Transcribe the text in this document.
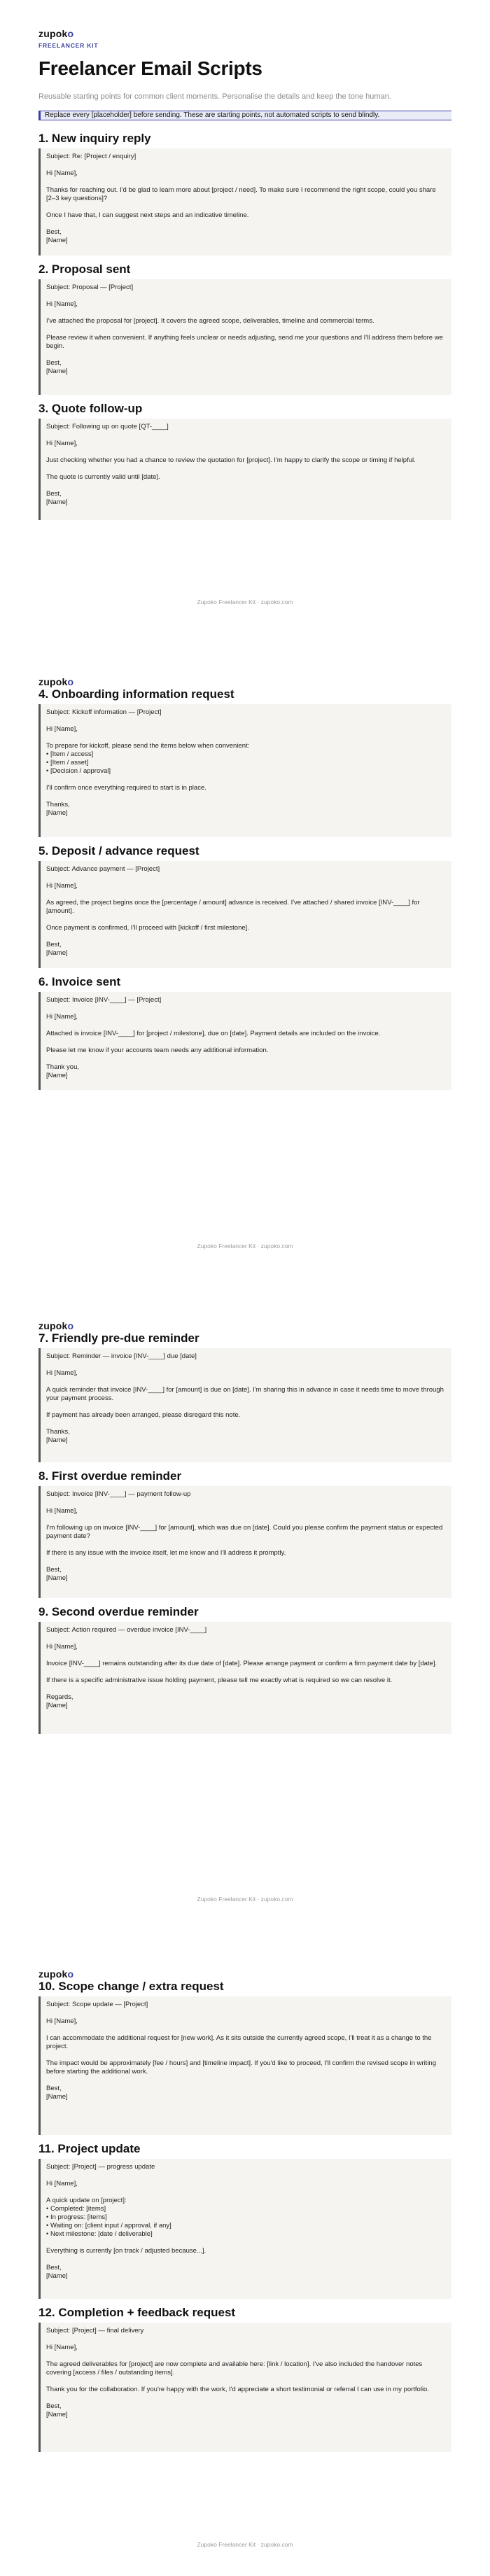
zupoko
FREELANCER KIT
Freelancer Email Scripts

Reusable starting points for common client moments. Personalise the details and keep the tone human.

Replace every [placeholder] before sending. These are starting points, not automated scripts to send blindly.
1. New inquiry reply

Subject: Re: [Project / enquiry]

Hi [Name],

Thanks for reaching out. I'd be glad to learn more about [project / need]. To make sure I recommend the right scope, could you share [2–3 key questions]?

Once I have that, I can suggest next steps and an indicative timeline.

Best,
[Name]

2. Proposal sent

Subject: Proposal — [Project]

Hi [Name],

I've attached the proposal for [project]. It covers the agreed scope, deliverables, timeline and commercial terms.

Please review it when convenient. If anything feels unclear or needs adjusting, send me your questions and I'll address them before we begin.

Best,
[Name]

3. Quote follow-up

Subject: Following up on quote [QT-____]

Hi [Name],

Just checking whether you had a chance to review the quotation for [project]. I'm happy to clarify the scope or timing if helpful.

The quote is currently valid until [date].

Best,
[Name]

Zupoko Freelancer Kit · zupoko.com
zupoko
4. Onboarding information request

Subject: Kickoff information — [Project]

Hi [Name],

To prepare for kickoff, please send the items below when convenient:
• [Item / access]
• [Item / asset]
• [Decision / approval]

I'll confirm once everything required to start is in place.

Thanks,
[Name]

5. Deposit / advance request

Subject: Advance payment — [Project]

Hi [Name],

As agreed, the project begins once the [percentage / amount] advance is received. I've attached / shared invoice [INV-____] for [amount].

Once payment is confirmed, I'll proceed with [kickoff / first milestone].

Best,
[Name]

6. Invoice sent

Subject: Invoice [INV-____] — [Project]

Hi [Name],

Attached is invoice [INV-____] for [project / milestone], due on [date]. Payment details are included on the invoice.

Please let me know if your accounts team needs any additional information.

Thank you,
[Name]

Zupoko Freelancer Kit · zupoko.com
zupoko
7. Friendly pre-due reminder

Subject: Reminder — invoice [INV-____] due [date]

Hi [Name],

A quick reminder that invoice [INV-____] for [amount] is due on [date]. I'm sharing this in advance in case it needs time to move through your payment process.

If payment has already been arranged, please disregard this note.

Thanks,
[Name]

8. First overdue reminder

Subject: Invoice [INV-____] — payment follow-up

Hi [Name],

I'm following up on invoice [INV-____] for [amount], which was due on [date]. Could you please confirm the payment status or expected payment date?

If there is any issue with the invoice itself, let me know and I'll address it promptly.

Best,
[Name]

9. Second overdue reminder

Subject: Action required — overdue invoice [INV-____]

Hi [Name],

Invoice [INV-____] remains outstanding after its due date of [date]. Please arrange payment or confirm a firm payment date by [date].

If there is a specific administrative issue holding payment, please tell me exactly what is required so we can resolve it.

Regards,
[Name]

Zupoko Freelancer Kit · zupoko.com
zupoko
10. Scope change / extra request

Subject: Scope update — [Project]

Hi [Name],

I can accommodate the additional request for [new work]. As it sits outside the currently agreed scope, I'll treat it as a change to the project.

The impact would be approximately [fee / hours] and [timeline impact]. If you'd like to proceed, I'll confirm the revised scope in writing before starting the additional work.

Best,
[Name]

11. Project update

Subject: [Project] — progress update

Hi [Name],

A quick update on [project]:
• Completed: [items]
• In progress: [items]
• Waiting on: [client input / approval, if any]
• Next milestone: [date / deliverable]

Everything is currently [on track / adjusted because...].

Best,
[Name]

12. Completion + feedback request

Subject: [Project] — final delivery

Hi [Name],

The agreed deliverables for [project] are now complete and available here: [link / location]. I've also included the handover notes covering [access / files / outstanding items].

Thank you for the collaboration. If you're happy with the work, I'd appreciate a short testimonial or referral I can use in my portfolio.

Best,
[Name]

Zupoko Freelancer Kit · zupoko.com
